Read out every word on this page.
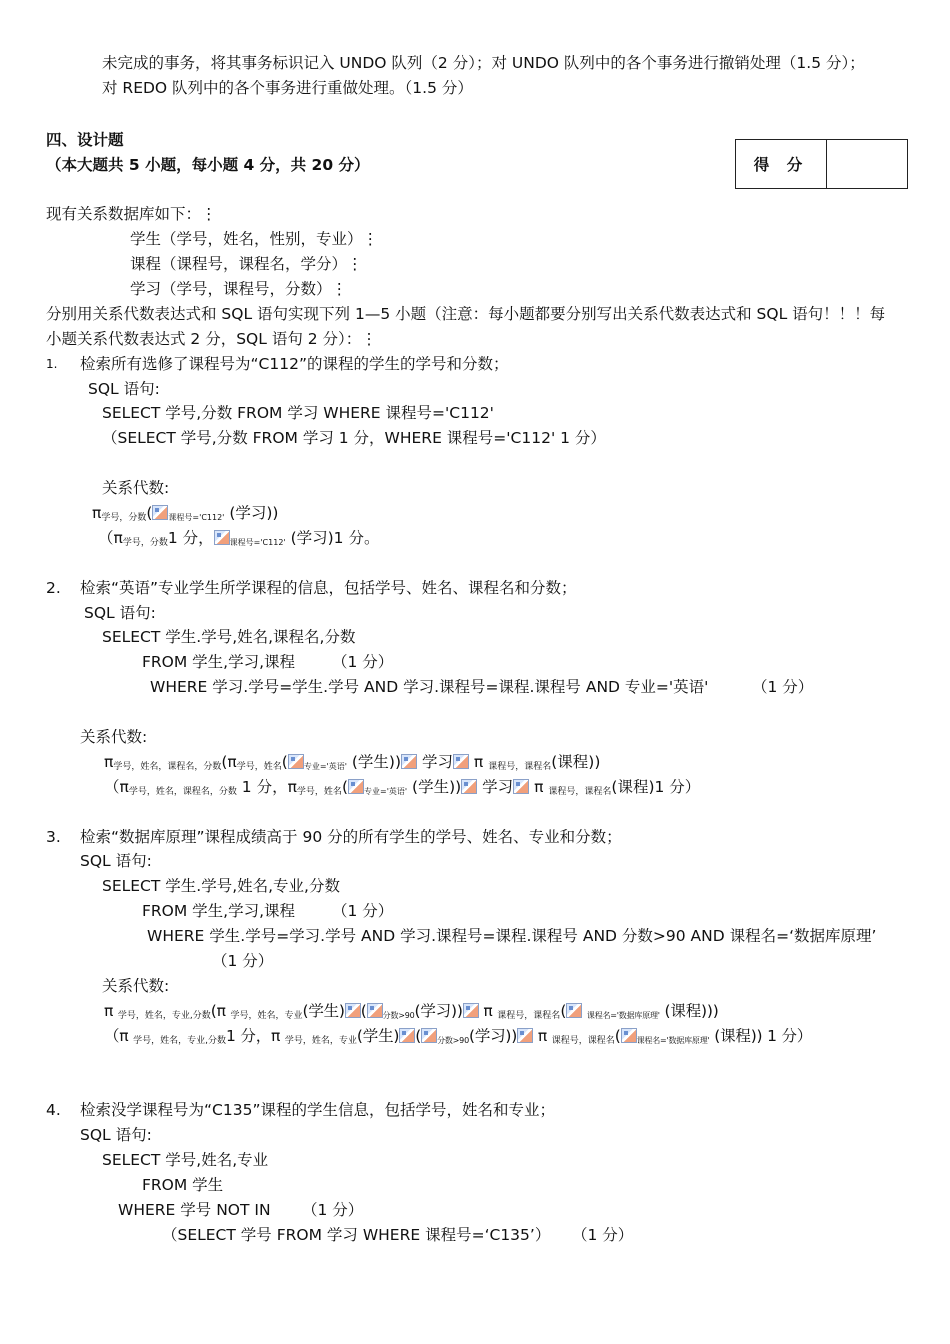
未完成的事务，将其事务标识记入 UNDO 队列（2 分）；对 UNDO 队列中的各个事务进行撤销处理（1.5 分）；
对 REDO 队列中的各个事务进行重做处理。（1.5 分）
四、设计题
（本大题共 5 小题，每小题 4 分，共 20 分）	得 分	
现有关系数据库如下：⋮
学生（学号，姓名，性别，专业）⋮
课程（课程号，课程名，学分）⋮
学习（学号，课程号，分数）⋮
分别用关系代数表达式和 SQL 语句实现下列 1—5 小题（注意：每小题都要分别写出关系代数表达式和 SQL 语句！！！每
小题关系代数表达式 2 分，SQL 语句 2 分）：⋮
1. 检索所有选修了课程号为“C112”的课程的学生的学号和分数；
SQL 语句:
SELECT 学号,分数 FROM 学习 WHERE 课程号='C112'
（SELECT 学号,分数 FROM 学习 1 分，WHERE 课程号='C112' 1 分）
关系代数:
$\pi_{学号,分数}$( 课程号='C112' (学习))
（$\pi_{学号,分数}1$ 分， 课程号='C112' (学习)1 分。
2. 检索“英语”专业学生所学课程的信息，包括学号、姓名、课程名和分数；
SQL 语句:
SELECT 学生.学号,姓名,课程名,分数
FROM 学生,学习,课程 （1 分）
WHERE 学习.学号=学生.学号 AND 学习.课程号=课程.课程号 AND 专业='英语'	（1 分）
关系代数:
$\pi_{学号,姓名,课程名,分数}(\pi_{学号,姓名}$( 专业='英语' (学生)) 学习 π $_{课程号,课程名}$(课程))
（$\pi_{学号,姓名,课程名,分数}$ 1 分，$\pi_{学号,姓名}$( 专业='英语' (学生)) 学习 π $_{课程号,课程名}$(课程)1 分）
3. 检索“数据库原理”课程成绩高于 90 分的所有学生的学号、姓名、专业和分数；
SQL 语句:
SELECT 学生.学号,姓名,专业,分数
FROM 学生,学习,课程 （1 分）
WHERE 学生.学号=学习.学号 AND 学习.课程号=课程.课程号 AND 分数>90 AND 课程名=‘数据库原理’
（1 分）
关系代数:
π $_{学号,姓名,专业,分数}$(π $_{学号,姓名,专业}$(学生) ( 分数>90(学习)) π $_{课程号,课程名}$(	课程名='数据库原理' (课程)))
（π $_{学号,姓名,专业,分数}$1 分，π $_{学号,姓名,专业}$(学生) ( 分数>90(学习)) π $_{课程号,课程名}$( 课程名='数据库原理' (课程)) 1 分）
4. 检索没学课程号为“C135”课程的学生信息，包括学号，姓名和专业；
SQL 语句:
SELECT 学号,姓名,专业
FROM 学生
WHERE 学号 NOT IN （1 分）
（SELECT 学号 FROM 学习 WHERE 课程号=‘C135’） （1 分）
